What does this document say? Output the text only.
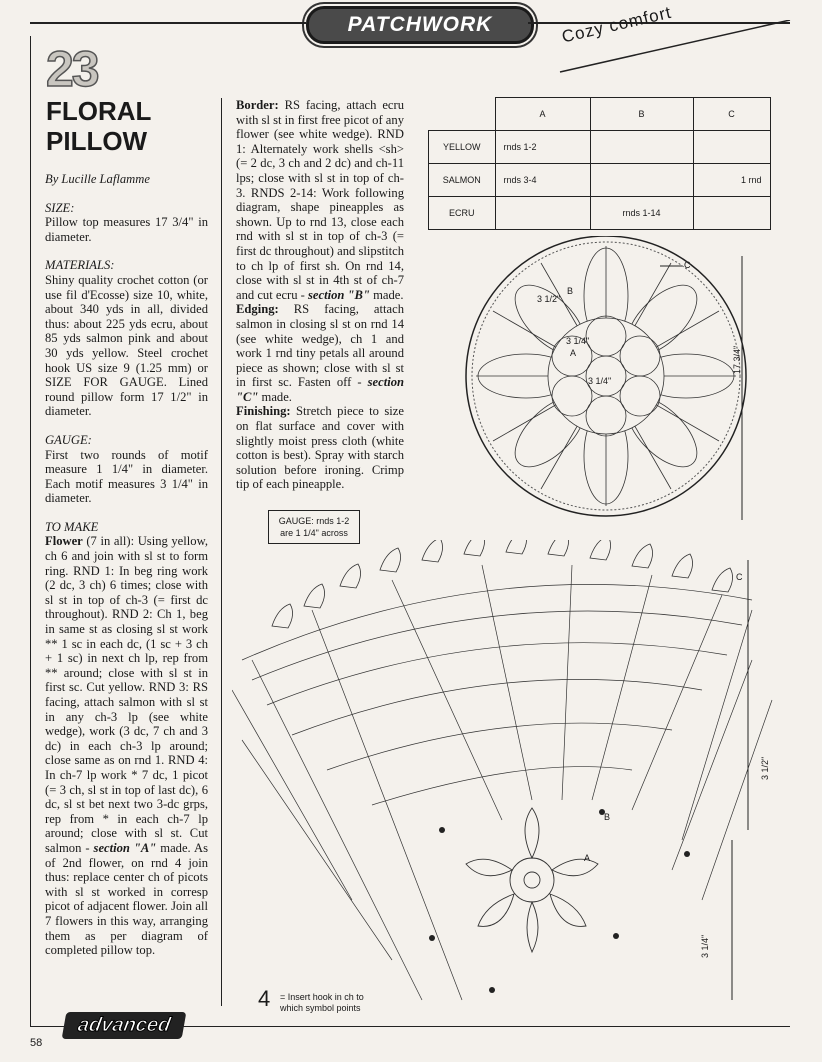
PATCHWORK	Cozy comfort
23
FLORAL
PILLOW

By Lucille Laflamme

SIZE:

Pillow top measures 17 3/4" in diameter.

MATERIALS:

Shiny quality crochet cotton (or use fil d'Ecosse) size 10, white, about 340 yds in all, divided thus: about 225 yds ecru, about 85 yds salmon pink and about 30 yds yellow. Steel crochet hook US size 9 (1.25 mm) or SIZE FOR GAUGE. Lined round pillow form 17 1/2" in diameter.

GAUGE:

First two rounds of motif measure 1 1/4" in diameter. Each motif measures 3 1/4" in diameter.

TO MAKE

Flower (7 in all): Using yellow, ch 6 and join with sl st to form ring. RND 1: In beg ring work (2 dc, 3 ch) 6 times; close with sl st in top of ch-3 (= first dc throughout). RND 2: Ch 1, beg in same st as closing sl st work ** 1 sc in each dc, (1 sc + 3 ch + 1 sc) in next ch lp, rep from ** around; close with sl st in first sc. Cut yellow. RND 3: RS facing, attach salmon with sl st in any ch-3 lp (see white wedge), work (3 dc, 7 ch and 3 dc) in each ch-3 lp around; close same as on rnd 1. RND 4: In ch-7 lp work * 7 dc, 1 picot (= 3 ch, sl st in top of last dc), 6 dc, sl st bet next two 3-dc grps, rep from * in each ch-7 lp around; close with sl st. Cut salmon - section "A" made. As of 2nd flower, on rnd 4 join thus: replace center ch of picots with sl st worked in corresp picot of adjacent flower. Join all 7 flowers in this way, arranging them as per diagram of completed pillow top.

Border: RS facing, attach ecru with sl st in first free picot of any flower (see white wedge). RND 1: Alternately work shells <sh> (= 2 dc, 3 ch and 2 dc) and ch-11 lps; close with sl st in top of ch-3. RNDS 2-14: Work following diagram, shape pineapples as shown. Up to rnd 13, close each rnd with sl st in top of ch-3 (= first dc throughout) and slipstitch to ch lp of first sh. On rnd 14, close with sl st in 4th st of ch-7 and cut ecru - section "B" made.

Edging: RS facing, attach salmon in closing sl st on rnd 14 (see white wedge), ch 1 and work 1 rnd tiny petals all around piece as shown; close with sl st in first sc. Fasten off - section "C" made.

Finishing: Stretch piece to size on flat surface and cover with slightly moist press cloth (white cotton is best). Spray with starch solution before ironing. Crimp tip of each pineapple.

	A	B	C
YELLOW	rnds 1-2		
SALMON	rnds 3-4		1 rnd
ECRU		rnds 1-14	
C
B
3 1/2"
3 1/4"
A
3 1/4"
17 3/4"
GAUGE: rnds 1-2
are 1 1/4" across
C
B
A
3 1/2"
3 1/4"
4 = Insert hook in ch to
which symbol points
58
advanced
